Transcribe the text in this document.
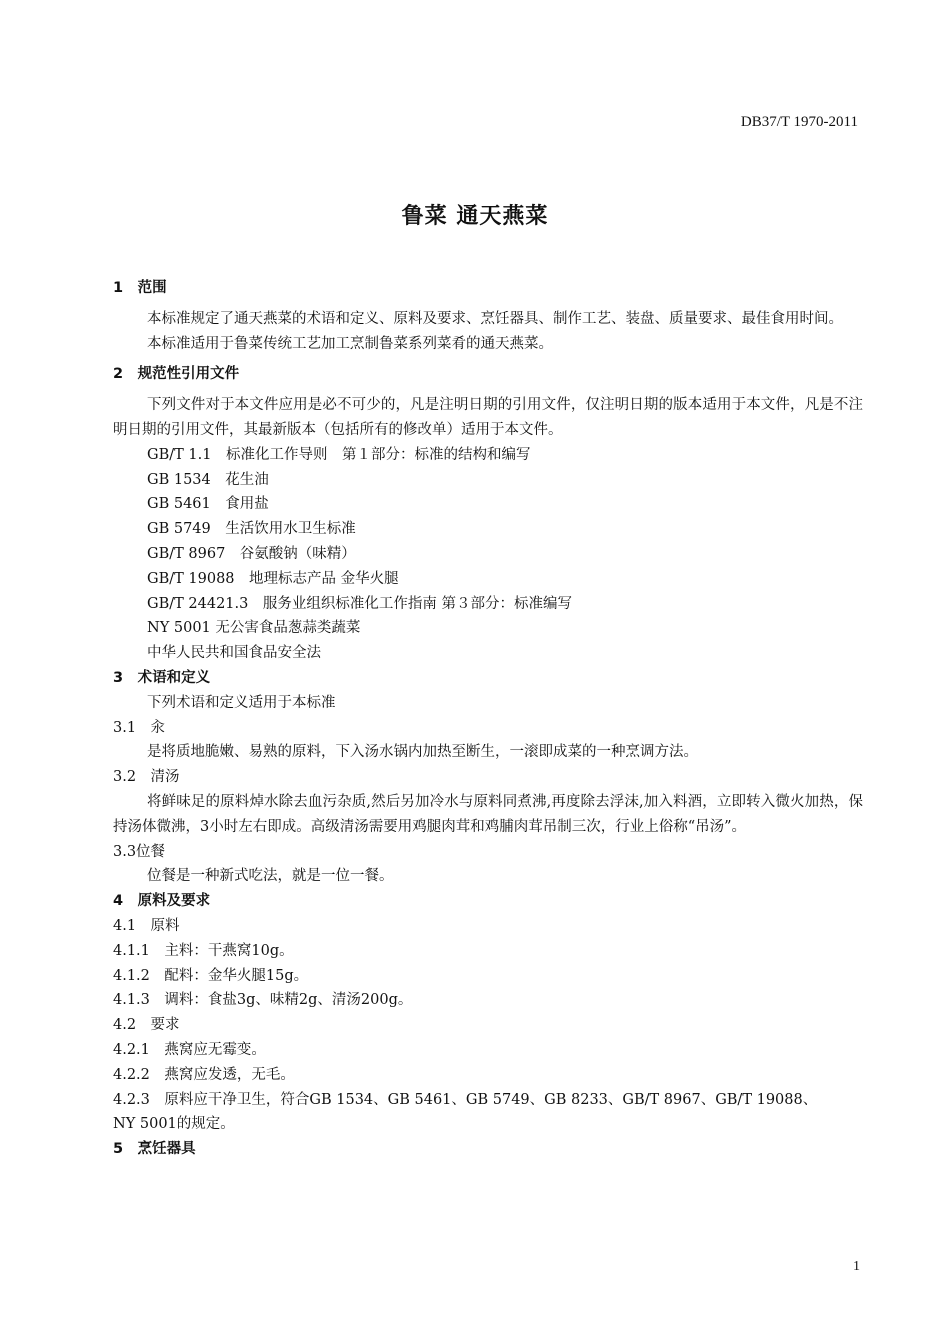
DB37/T 1970-2011
鲁菜 通天燕菜
1　范围
本标准规定了通天燕菜的术语和定义、原料及要求、烹饪器具、制作工艺、装盘、质量要求、最佳食用时间。
本标准适用于鲁菜传统工艺加工烹制鲁菜系列菜肴的通天燕菜。
2　规范性引用文件
下列文件对于本文件应用是必不可少的，凡是注明日期的引用文件，仅注明日期的版本适用于本文件，凡是不注明日期的引用文件，其最新版本（包括所有的修改单）适用于本文件。
GB/T 1.1　标准化工作导则　第１部分：标准的结构和编写
GB 1534　花生油
GB 5461　食用盐
GB 5749　生活饮用水卫生标准
GB/T 8967　谷氨酸钠（味精）
GB/T 19088　地理标志产品 金华火腿
GB/T 24421.3　服务业组织标准化工作指南 第３部分：标准编写
NY 5001 无公害食品葱蒜类蔬菜
中华人民共和国食品安全法
3　术语和定义
下列术语和定义适用于本标准
3.1　汆
是将质地脆嫩、易熟的原料，下入汤水锅内加热至断生，一滚即成菜的一种烹调方法。
3.2　清汤
将鲜味足的原料焯水除去血污杂质,然后另加冷水与原料同煮沸,再度除去浮沫,加入料酒，立即转入微火加热，保持汤体微沸，3小时左右即成。高级清汤需要用鸡腿肉茸和鸡脯肉茸吊制三次，行业上俗称“吊汤”。
3.3位餐
位餐是一种新式吃法，就是一位一餐。
4　原料及要求
4.1　原料
4.1.1　主料：干燕窝10g。
4.1.2　配料：金华火腿15g。
4.1.3　调料：食盐3g、味精2g、清汤200g。
4.2　要求
4.2.1　燕窝应无霉变。
4.2.2　燕窝应发透，无毛。
4.2.3　原料应干净卫生，符合GB 1534、GB 5461、GB 5749、GB 8233、GB/T 8967、GB/T 19088、
NY 5001的规定。
5　烹饪器具
1
